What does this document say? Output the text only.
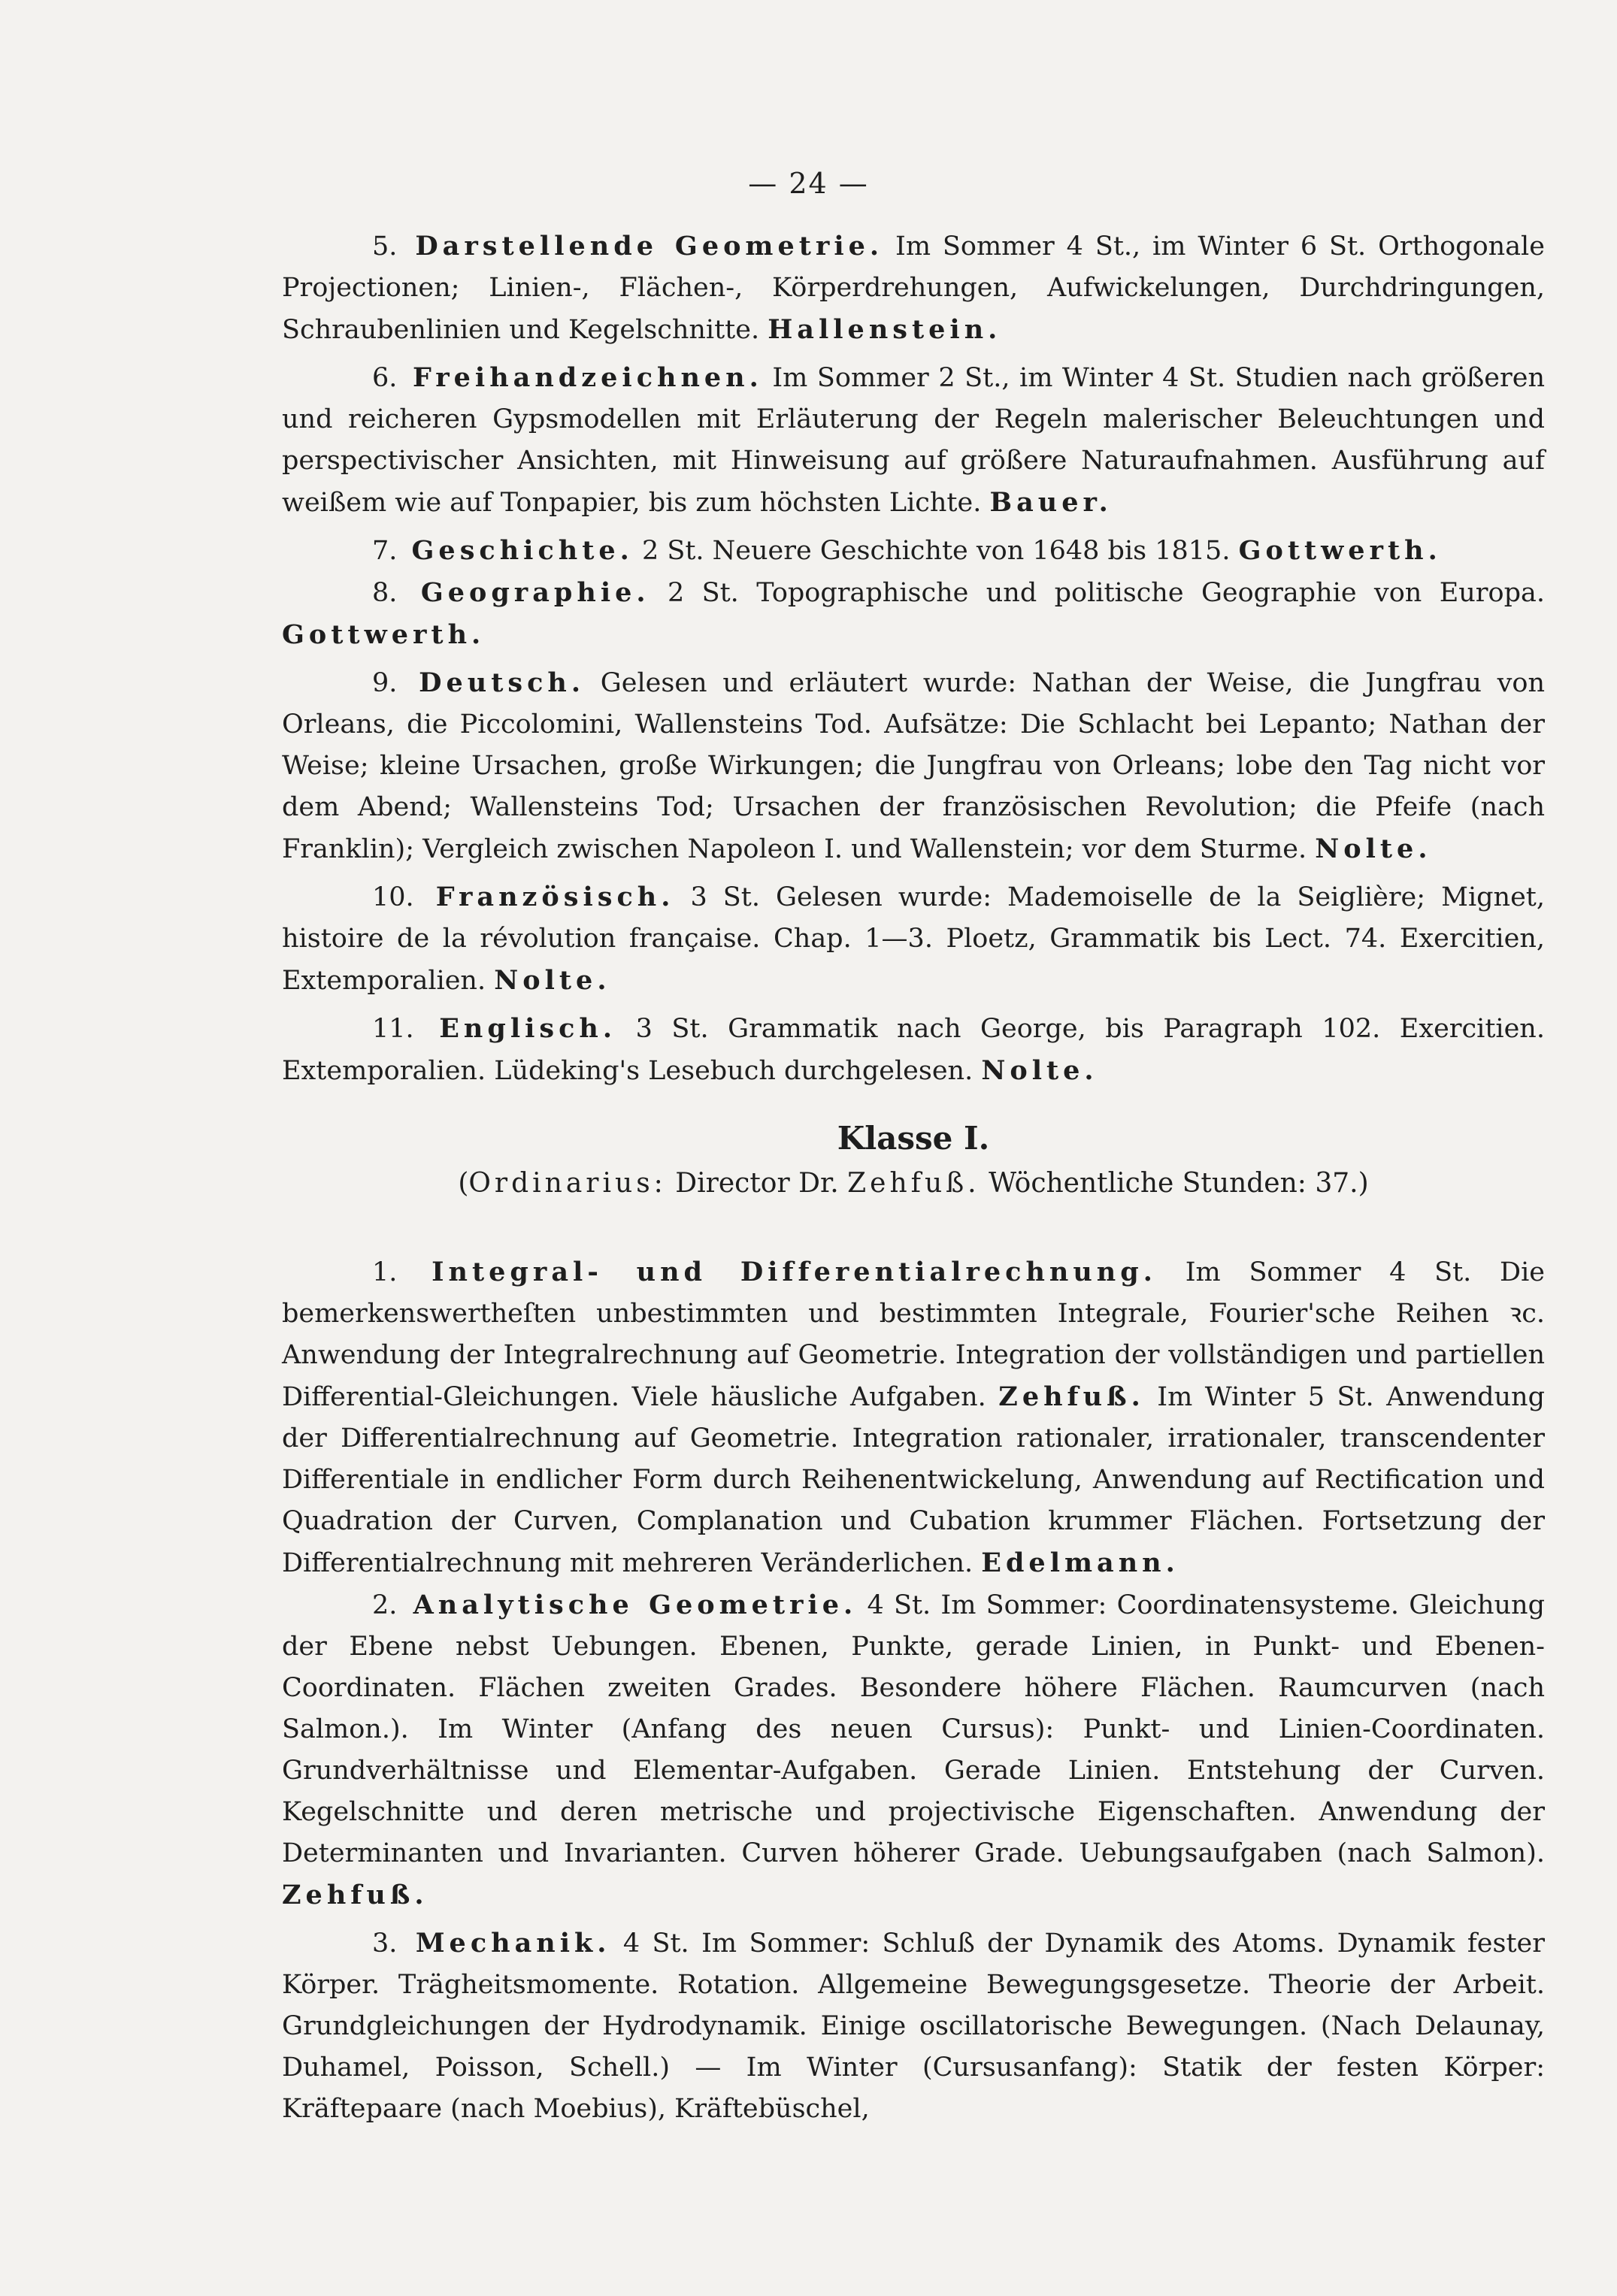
— 24 —

5. Darstellende Geometrie. Im Sommer 4 St., im Winter 6 St. Orthogonale Projectionen; Linien-, Flächen-, Körperdrehungen, Aufwickelungen, Durchdringungen, Schraubenlinien und Kegelschnitte. Hallenstein.

6. Freihandzeichnen. Im Sommer 2 St., im Winter 4 St. Studien nach größeren und reicheren Gypsmodellen mit Erläuterung der Regeln malerischer Beleuchtungen und perspectivischer Ansichten, mit Hinweisung auf größere Naturaufnahmen. Ausführung auf weißem wie auf Tonpapier, bis zum höchsten Lichte. Bauer.

7. Geschichte. 2 St. Neuere Geschichte von 1648 bis 1815. Gottwerth.

8. Geographie. 2 St. Topographische und politische Geographie von Europa. Gottwerth.

9. Deutsch. Gelesen und erläutert wurde: Nathan der Weise, die Jungfrau von Orleans, die Piccolomini, Wallensteins Tod. Aufsätze: Die Schlacht bei Lepanto; Nathan der Weise; kleine Ursachen, große Wirkungen; die Jungfrau von Orleans; lobe den Tag nicht vor dem Abend; Wallensteins Tod; Ursachen der französischen Revolution; die Pfeife (nach Franklin); Vergleich zwischen Napoleon I. und Wallenstein; vor dem Sturme. Nolte.

10. Französisch. 3 St. Gelesen wurde: Mademoiselle de la Seiglière; Mignet, histoire de la révolution française. Chap. 1—3. Ploetz, Grammatik bis Lect. 74. Exercitien, Extemporalien. Nolte.

11. Englisch. 3 St. Grammatik nach George, bis Paragraph 102. Exercitien. Extemporalien. Lüdeking's Lesebuch durchgelesen. Nolte.

Klasse I.

(Ordinarius: Director Dr. Zehfuß. Wöchentliche Stunden: 37.)

1. Integral- und Differentialrechnung. Im Sommer 4 St. Die bemerkenswertheſten unbestimmten und bestimmten Integrale, Fourier'sche Reihen ꝛc. Anwendung der Integralrechnung auf Geometrie. Integration der vollständigen und partiellen Differential-Gleichungen. Viele häusliche Aufgaben. Zehfuß. Im Winter 5 St. Anwendung der Differentialrechnung auf Geometrie. Integration rationaler, irrationaler, transcendenter Differentiale in endlicher Form durch Reihenentwickelung, Anwendung auf Rectification und Quadration der Curven, Complanation und Cubation krummer Flächen. Fortsetzung der Differentialrechnung mit mehreren Veränderlichen. Edelmann.

2. Analytische Geometrie. 4 St. Im Sommer: Coordinatensysteme. Gleichung der Ebene nebst Uebungen. Ebenen, Punkte, gerade Linien, in Punkt- und Ebenen-Coordinaten. Flächen zweiten Grades. Besondere höhere Flächen. Raumcurven (nach Salmon.). Im Winter (Anfang des neuen Cursus): Punkt- und Linien-Coordinaten. Grundverhältnisse und Elementar-Aufgaben. Gerade Linien. Entstehung der Curven. Kegelschnitte und deren metrische und projectivische Eigenschaften. Anwendung der Determinanten und Invarianten. Curven höherer Grade. Uebungsaufgaben (nach Salmon). Zehfuß.

3. Mechanik. 4 St. Im Sommer: Schluß der Dynamik des Atoms. Dynamik fester Körper. Trägheitsmomente. Rotation. Allgemeine Bewegungsgesetze. Theorie der Arbeit. Grundgleichungen der Hydrodynamik. Einige oscillatorische Bewegungen. (Nach Delaunay, Duhamel, Poisson, Schell.) — Im Winter (Cursusanfang): Statik der festen Körper: Kräftepaare (nach Moebius), Kräftebüschel,
